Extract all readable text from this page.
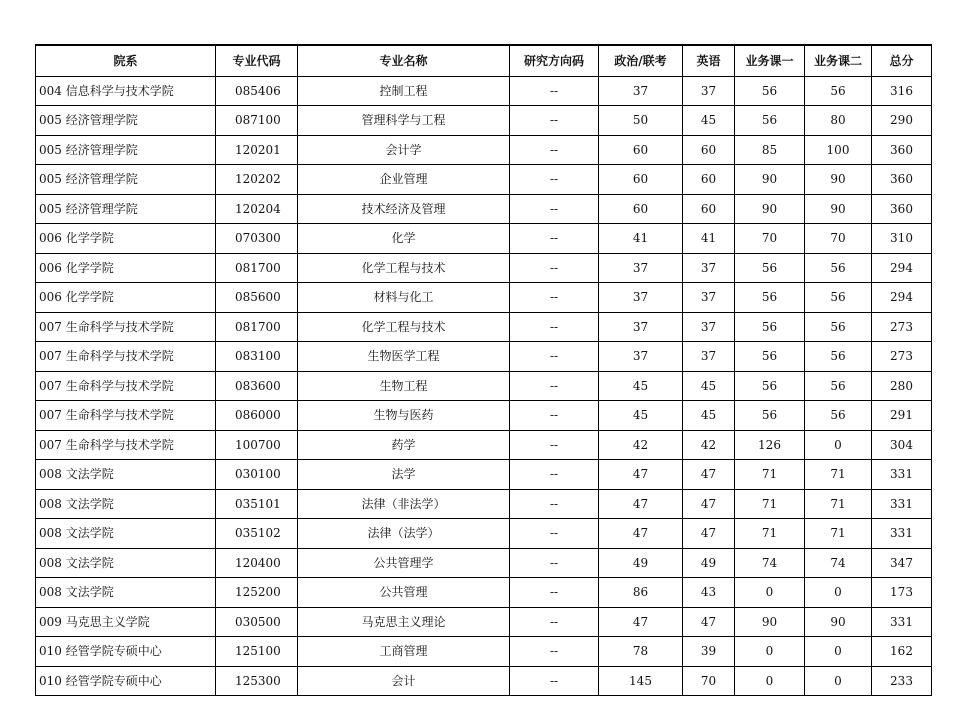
院系	专业代码	专业名称	研究方向码	政治/联考	英语	业务课一	业务课二	总分
004 信息科学与技术学院	085406	控制工程	--	37	37	56	56	316
005 经济管理学院	087100	管理科学与工程	--	50	45	56	80	290
005 经济管理学院	120201	会计学	--	60	60	85	100	360
005 经济管理学院	120202	企业管理	--	60	60	90	90	360
005 经济管理学院	120204	技术经济及管理	--	60	60	90	90	360
006 化学学院	070300	化学	--	41	41	70	70	310
006 化学学院	081700	化学工程与技术	--	37	37	56	56	294
006 化学学院	085600	材料与化工	--	37	37	56	56	294
007 生命科学与技术学院	081700	化学工程与技术	--	37	37	56	56	273
007 生命科学与技术学院	083100	生物医学工程	--	37	37	56	56	273
007 生命科学与技术学院	083600	生物工程	--	45	45	56	56	280
007 生命科学与技术学院	086000	生物与医药	--	45	45	56	56	291
007 生命科学与技术学院	100700	药学	--	42	42	126	0	304
008 文法学院	030100	法学	--	47	47	71	71	331
008 文法学院	035101	法律（非法学）	--	47	47	71	71	331
008 文法学院	035102	法律（法学）	--	47	47	71	71	331
008 文法学院	120400	公共管理学	--	49	49	74	74	347
008 文法学院	125200	公共管理	--	86	43	0	0	173
009 马克思主义学院	030500	马克思主义理论	--	47	47	90	90	331
010 经管学院专硕中心	125100	工商管理	--	78	39	0	0	162
010 经管学院专硕中心	125300	会计	--	145	70	0	0	233
